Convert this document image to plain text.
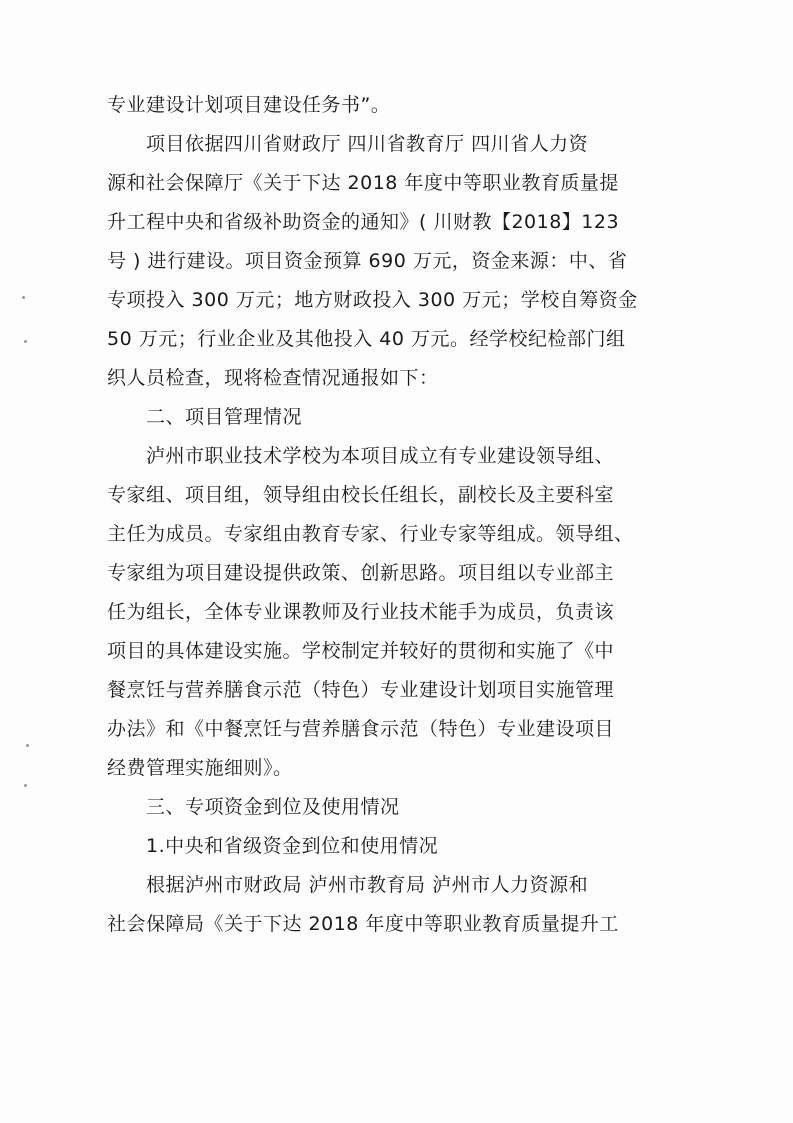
专业建设计划项目建设任务书”。
　　项目依据四川省财政厅 四川省教育厅 四川省人力资
源和社会保障厅《关于下达 2018 年度中等职业教育质量提
升工程中央和省级补助资金的通知》( 川财教【2018】123
号 ) 进行建设。项目资金预算 690 万元，资金来源：中、省
专项投入 300 万元；地方财政投入 300 万元；学校自筹资金
50 万元；行业企业及其他投入 40 万元。经学校纪检部门组
织人员检查，现将检查情况通报如下：
　　二、项目管理情况
　　泸州市职业技术学校为本项目成立有专业建设领导组、
专家组、项目组，领导组由校长任组长，副校长及主要科室
主任为成员。专家组由教育专家、行业专家等组成。领导组、
专家组为项目建设提供政策、创新思路。项目组以专业部主
任为组长，全体专业课教师及行业技术能手为成员，负责该
项目的具体建设实施。学校制定并较好的贯彻和实施了《中
餐烹饪与营养膳食示范（特色）专业建设计划项目实施管理
办法》和《中餐烹饪与营养膳食示范（特色）专业建设项目
经费管理实施细则》。
　　三、专项资金到位及使用情况
　　1.中央和省级资金到位和使用情况
　　根据泸州市财政局 泸州市教育局 泸州市人力资源和
社会保障局《关于下达 2018 年度中等职业教育质量提升工
